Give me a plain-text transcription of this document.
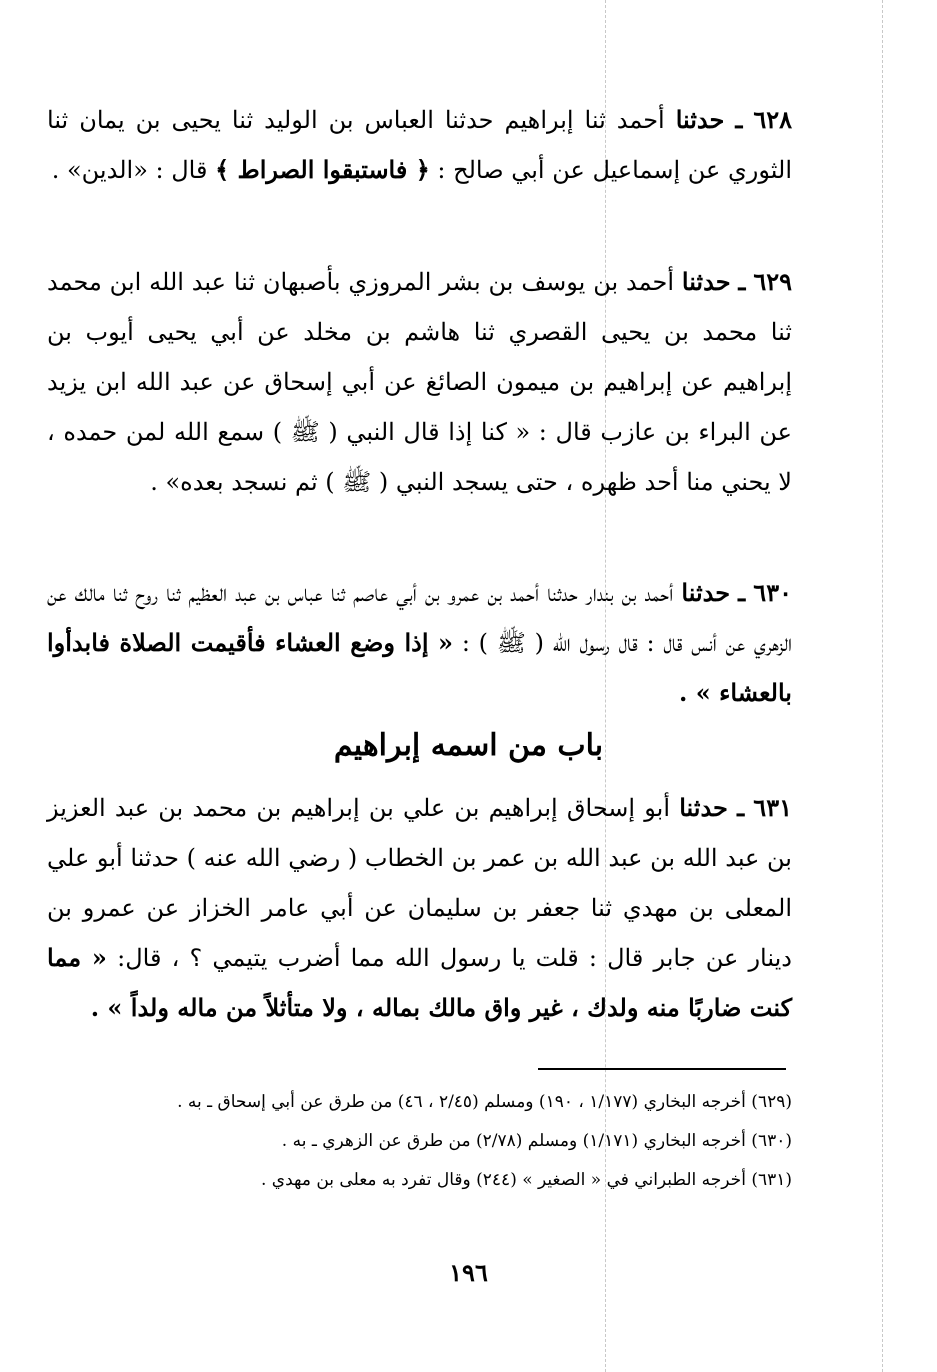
٦٢٨ ـ حدثنا أحمد ثنا إبراهيم حدثنا العباس بن الوليد ثنا يحيى بن يمان ثنا الثوري عن إسماعيل عن أبي صالح : ﴿ فاستبقوا الصراط ﴾ قال : «الدين» .
٦٢٩ ـ حدثنا أحمد بن يوسف بن بشر المروزي بأصبهان ثنا عبد الله ابن محمد ثنا محمد بن يحيى القصري ثنا هاشم بن مخلد عن أبي يحيى أيوب بن إبراهيم عن إبراهيم بن ميمون الصائغ عن أبي إسحاق عن عبد الله ابن يزيد عن البراء بن عازب قال : « كنا إذا قال النبي ( ﷺ ) سمع الله لمن حمده ، لا يحني منا أحد ظهره ، حتى يسجد النبي ( ﷺ ) ثم نسجد بعده» .
٦٣٠ ـ حدثنا أحمد بن بندار حدثنا أحمد بن عمرو بن أبي عاصم ثنا عباس بن عبد العظيم ثنا روح ثنا مالك عن الزهري عن أنس قال : قال رسول الله ( ﷺ ) : « إذا وضع العشاء فأقيمت الصلاة فابدأوا بالعشاء » .
باب من اسمه إبراهيم
٦٣١ ـ حدثنا أبو إسحاق إبراهيم بن علي بن إبراهيم بن محمد بن عبد العزيز بن عبد الله بن عبد الله بن عمر بن الخطاب ( رضي الله عنه ) حدثنا أبو علي المعلى بن مهدي ثنا جعفر بن سليمان عن أبي عامر الخزاز عن عمرو بن دينار عن جابر قال : قلت يا رسول الله مما أضرب يتيمي ؟ ، قال: « مما كنت ضاربًا منه ولدك ، غير واق مالك بماله ، ولا متأثلاً من ماله ولداً » .
(٦٢٩) أخرجه البخاري (١/١٧٧ ، ١٩٠) ومسلم (٢/٤٥ ، ٤٦) من طرق عن أبي إسحاق ـ به .
(٦٣٠) أخرجه البخاري (١/١٧١) ومسلم (٢/٧٨) من طرق عن الزهري ـ به .
(٦٣١) أخرجه الطبراني في « الصغير » (٢٤٤) وقال تفرد به معلى بن مهدي .
١٩٦
